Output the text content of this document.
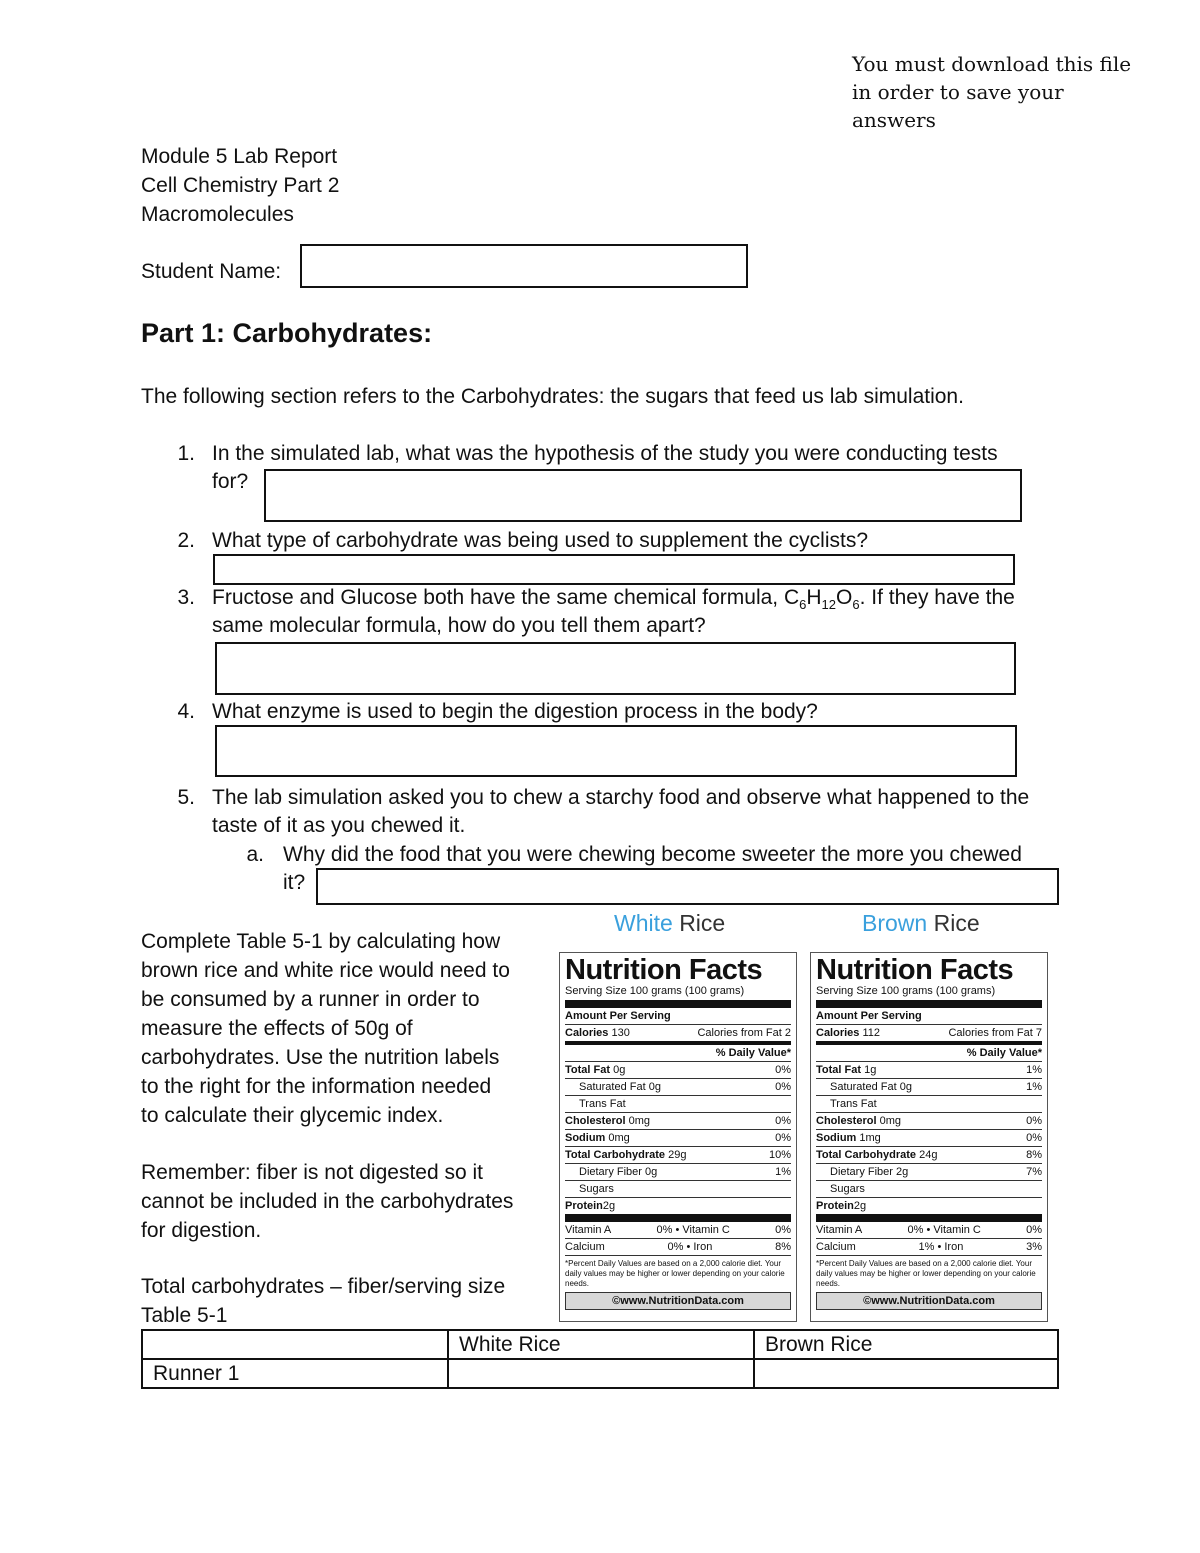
You must download this file in order to save your answers
Module 5 Lab Report
Cell Chemistry Part 2
Macromolecules
Student Name:
Part 1: Carbohydrates:
The following section refers to the Carbohydrates: the sugars that feed us lab simulation.
1. In the simulated lab, what was the hypothesis of the study you were conducting tests
for?
2. What type of carbohydrate was being used to supplement the cyclists?
3. Fructose and Glucose both have the same chemical formula, $C_6H_{12}O_6$. If they have the
same molecular formula, how do you tell them apart?
4. What enzyme is used to begin the digestion process in the body?
5. The lab simulation asked you to chew a starchy food and observe what happened to the
taste of it as you chewed it.
a. Why did the food that you were chewing become sweeter the more you chewed
it?
Complete Table 5-1 by calculating how
brown rice and white rice would need to
be consumed by a runner in order to
measure the effects of 50g of
carbohydrates. Use the nutrition labels
to the right for the information needed
to calculate their glycemic index.
Remember: fiber is not digested so it
cannot be included in the carbohydrates
for digestion.
Total carbohydrates – fiber/serving size
Table 5-1
White Rice
Nutrition Facts
Serving Size 100 grams (100 grams)
Amount Per Serving
Calories 130	Calories from Fat 2
% Daily Value*
Total Fat 0g	0%
Saturated Fat 0g	0%
Trans Fat
Cholesterol 0mg	0%
Sodium 0mg	0%
Total Carbohydrate 29g	10%
Dietary Fiber 0g	1%
Sugars
Protein2g
Vitamin A	0% • Vitamin C	0%
Calcium	0% • Iron	8%
*Percent Daily Values are based on a 2,000 calorie diet. Your daily values may be higher or lower depending on your calorie needs.
©www.NutritionData.com
Brown Rice
Nutrition Facts
Serving Size 100 grams (100 grams)
Amount Per Serving
Calories 112	Calories from Fat 7
% Daily Value*
Total Fat 1g	1%
Saturated Fat 0g	1%
Trans Fat
Cholesterol 0mg	0%
Sodium 1mg	0%
Total Carbohydrate 24g	8%
Dietary Fiber 2g	7%
Sugars
Protein2g
Vitamin A	0% • Vitamin C	0%
Calcium	1% • Iron	3%
*Percent Daily Values are based on a 2,000 calorie diet. Your daily values may be higher or lower depending on your calorie needs.
©www.NutritionData.com
	White Rice	Brown Rice
Runner 1		
